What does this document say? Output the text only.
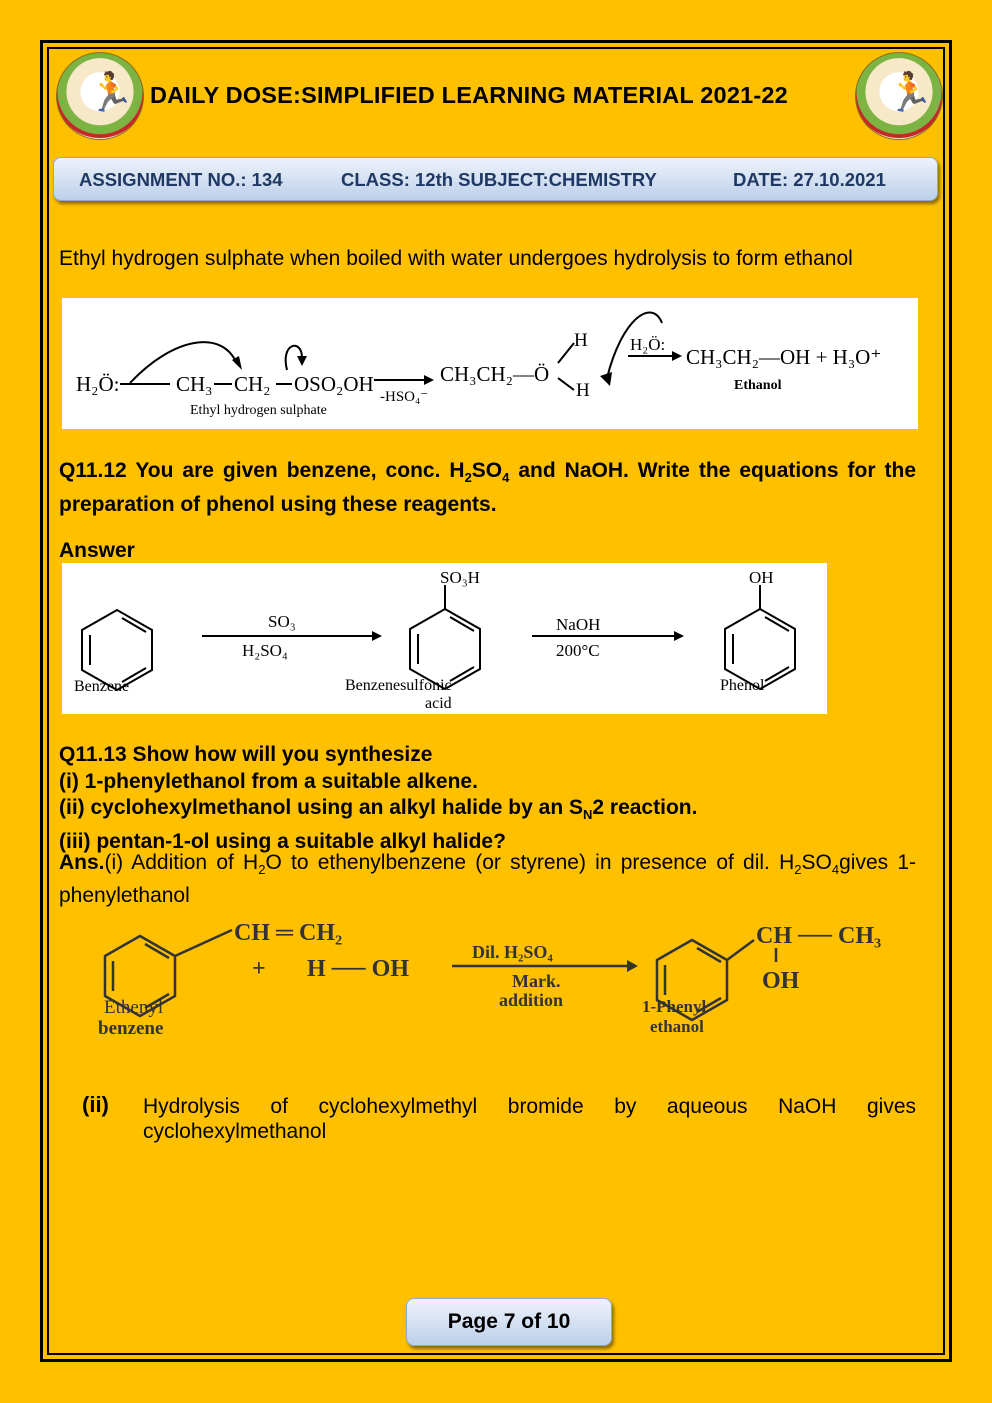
🏃	🏃
DAILY DOSE:SIMPLIFIED LEARNING MATERIAL 2021-22
ASSIGNMENT NO.: 134	CLASS: 12th SUBJECT:CHEMISTRY	DATE: 27.10.2021
Ethyl hydrogen sulphate when boiled with water undergoes hydrolysis to form ethanol
H₂Ö:	CH₃ CH₂ OSO₂OH
-HSO₄⁻
CH₃CH₂—Ö
H
H
H₂Ö:
CH₃CH₂—OH + H₃O⁺
Ethanol
Ethyl hydrogen sulphate
Q11.12 You are given benzene, conc. $H_2SO_4$ and NaOH. Write the equations for the preparation of phenol using these reagents.
Answer
SO₃
H₂SO₄
SO₃H
NaOH
200°C
OH
Benzene	Benzenesulfonic
acid
Phenol
Q11.13 Show how will you synthesize
(i) 1-phenylethanol from a suitable alkene.
(ii) cyclohexylmethanol using an alkyl halide by an $S_N2$ reaction.
(iii) pentan-1-ol using a suitable alkyl halide?
Ans.(i) Addition of $H_2O$ to ethenylbenzene (or styrene) in presence of dil. $H_2SO_4gives$ 1-phenylethanol
CH ═ CH₂
+ H ── OH
Dil. H₂SO₄
Mark.
addition
CH ── CH₃
OH
Ethenyl
benzene
1-Phenyl
ethanol
(ii) Hydrolysis of cyclohexylmethyl bromide by aqueous NaOH gives cyclohexylmethanol
Page 7 of 10
